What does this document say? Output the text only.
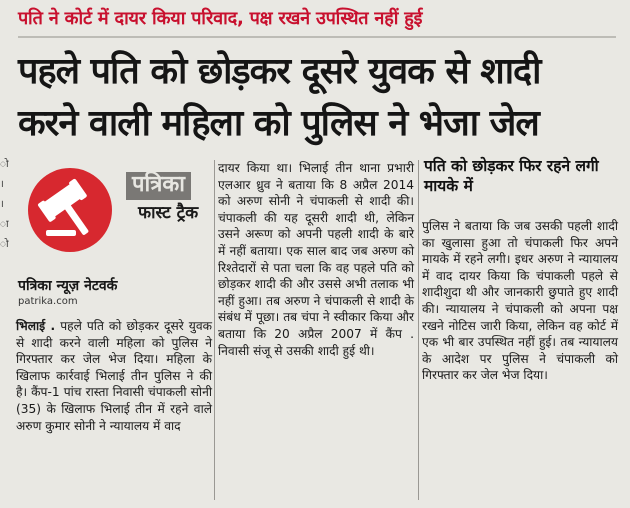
पति ने कोर्ट में दायर किया परिवाद, पक्ष रखने उपस्थित नहीं हुई
पहले पति को छोड़कर दूसरे युवक से शादी
करने वाली महिला को पुलिस ने भेजा जेल
ो
।
।
ा
ो
पत्रिका
फास्ट ट्रैक
पत्रिका न्यूज़ नेटवर्क
patrika.com
भिलाई . पहले पति को छोड़कर दूसरे युवक से शादी करने वाली महिला को पुलिस ने गिरफ्तार कर जेल भेज दिया। महिला के खिलाफ कार्रवाई भिलाई तीन पुलिस ने की है। कैंप-1 पांच रास्ता निवासी चंपाकली सोनी (35) के खिलाफ भिलाई तीन में रहने वाले अरुण कुमार सोनी ने न्यायालय में वाद
दायर किया था। भिलाई तीन थाना प्रभारी एलआर ध्रुव ने बताया कि 8 अप्रैल 2014 को अरुण सोनी ने चंपाकली से शादी की। चंपाकली की यह दूसरी शादी थी, लेकिन उसने अरूण को अपनी पहली शादी के बारे में नहीं बताया। एक साल बाद जब अरुण को रिश्तेदारों से पता चला कि वह पहले पति को छोड़कर शादी की और उससे अभी तलाक भी नहीं हुआ। तब अरुण ने चंपाकली से शादी के संबंध में पूछा। तब चंपा ने स्वीकार किया और बताया कि 20 अप्रैल 2007 में कैंप . निवासी संजू से उसकी शादी हुई थी।
पति को छोड़कर फिर रहने लगी मायके में
पुलिस ने बताया कि जब उसकी पहली शादी का खुलासा हुआ तो चंपाकली फिर अपने मायके में रहने लगी। इधर अरुण ने न्यायालय में वाद दायर किया कि चंपाकली पहले से शादीशुदा थी और जानकारी छुपाते हुए शादी की। न्यायालय ने चंपाकली को अपना पक्ष रखने नोटिस जारी किया, लेकिन वह कोर्ट में एक भी बार उपस्थित नहीं हुई। तब न्यायालय के आदेश पर पुलिस ने चंपाकली को गिरफ्तार कर जेल भेज दिया।
